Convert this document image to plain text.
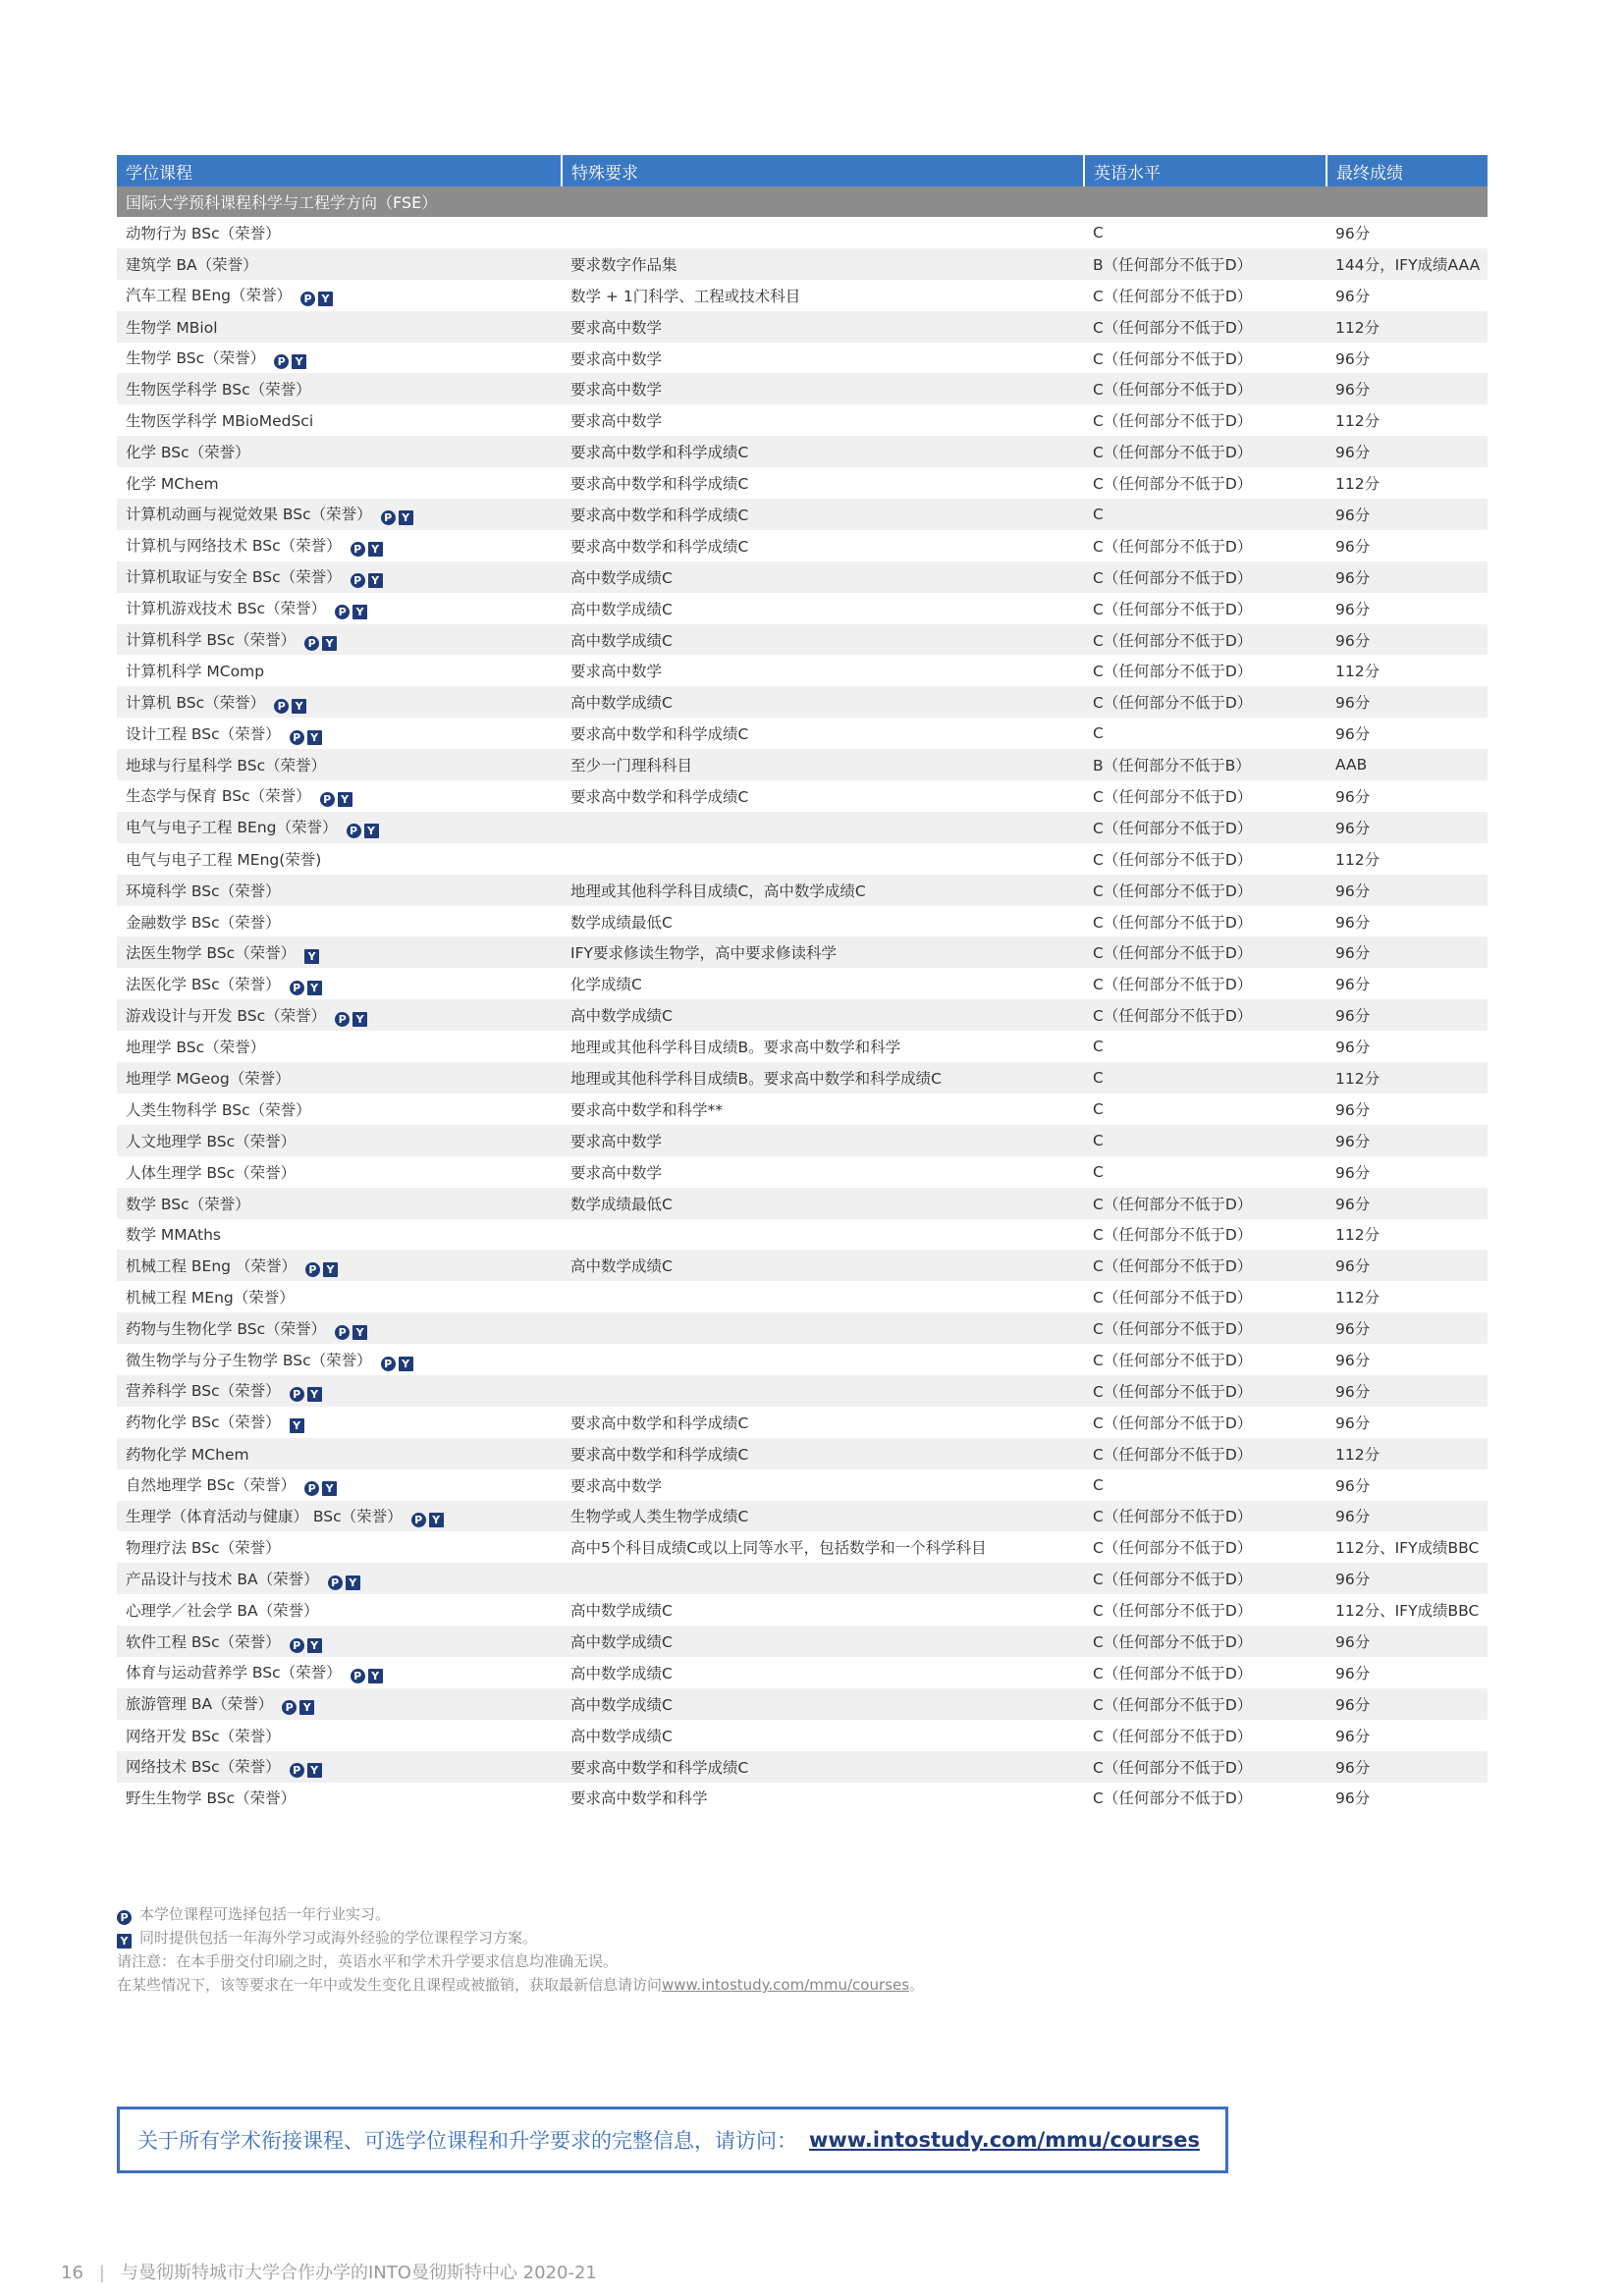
学位课程	特殊要求	英语水平	最终成绩
国际大学预科课程科学与工程学方向（FSE）			
动物行为 BSc（荣誉）		C	96分
建筑学 BA（荣誉）	要求数字作品集	B（任何部分不低于D）	144分，IFY成绩AAA
汽车工程 BEng（荣誉） P Y	数学 + 1门科学、工程或技术科目	C（任何部分不低于D）	96分
生物学 MBiol	要求高中数学	C（任何部分不低于D）	112分
生物学 BSc（荣誉） P Y	要求高中数学	C（任何部分不低于D）	96分
生物医学科学 BSc（荣誉）	要求高中数学	C（任何部分不低于D）	96分
生物医学科学 MBioMedSci	要求高中数学	C（任何部分不低于D）	112分
化学 BSc（荣誉）	要求高中数学和科学成绩C	C（任何部分不低于D）	96分
化学 MChem	要求高中数学和科学成绩C	C（任何部分不低于D）	112分
计算机动画与视觉效果 BSc（荣誉） P Y	要求高中数学和科学成绩C	C	96分
计算机与网络技术 BSc（荣誉） P Y	要求高中数学和科学成绩C	C（任何部分不低于D）	96分
计算机取证与安全 BSc（荣誉） P Y	高中数学成绩C	C（任何部分不低于D）	96分
计算机游戏技术 BSc（荣誉） P Y	高中数学成绩C	C（任何部分不低于D）	96分
计算机科学 BSc（荣誉） P Y	高中数学成绩C	C（任何部分不低于D）	96分
计算机科学 MComp	要求高中数学	C（任何部分不低于D）	112分
计算机 BSc（荣誉） P Y	高中数学成绩C	C（任何部分不低于D）	96分
设计工程 BSc（荣誉） P Y	要求高中数学和科学成绩C	C	96分
地球与行星科学 BSc（荣誉）	至少一门理科科目	B（任何部分不低于B）	AAB
生态学与保育 BSc（荣誉） P Y	要求高中数学和科学成绩C	C（任何部分不低于D）	96分
电气与电子工程 BEng（荣誉） P Y		C（任何部分不低于D）	96分
电气与电子工程 MEng(荣誉)		C（任何部分不低于D）	112分
环境科学 BSc（荣誉）	地理或其他科学科目成绩C，高中数学成绩C	C（任何部分不低于D）	96分
金融数学 BSc（荣誉）	数学成绩最低C	C（任何部分不低于D）	96分
法医生物学 BSc（荣誉） Y	IFY要求修读生物学，高中要求修读科学	C（任何部分不低于D）	96分
法医化学 BSc（荣誉） P Y	化学成绩C	C（任何部分不低于D）	96分
游戏设计与开发 BSc（荣誉） P Y	高中数学成绩C	C（任何部分不低于D）	96分
地理学 BSc（荣誉）	地理或其他科学科目成绩B。要求高中数学和科学	C	96分
地理学 MGeog（荣誉）	地理或其他科学科目成绩B。要求高中数学和科学成绩C	C	112分
人类生物科学 BSc（荣誉）	要求高中数学和科学**	C	96分
人文地理学 BSc（荣誉）	要求高中数学	C	96分
人体生理学 BSc（荣誉）	要求高中数学	C	96分
数学 BSc（荣誉）	数学成绩最低C	C（任何部分不低于D）	96分
数学 MMAths		C（任何部分不低于D）	112分
机械工程 BEng （荣誉） P Y	高中数学成绩C	C（任何部分不低于D）	96分
机械工程 MEng（荣誉）		C（任何部分不低于D）	112分
药物与生物化学 BSc（荣誉） P Y		C（任何部分不低于D）	96分
微生物学与分子生物学 BSc（荣誉） P Y		C（任何部分不低于D）	96分
营养科学 BSc（荣誉） P Y		C（任何部分不低于D）	96分
药物化学 BSc（荣誉） Y	要求高中数学和科学成绩C	C（任何部分不低于D）	96分
药物化学 MChem	要求高中数学和科学成绩C	C（任何部分不低于D）	112分
自然地理学 BSc（荣誉） P Y	要求高中数学	C	96分
生理学（体育活动与健康） BSc（荣誉） P Y	生物学或人类生物学成绩C	C（任何部分不低于D）	96分
物理疗法 BSc（荣誉）	高中5个科目成绩C或以上同等水平，包括数学和一个科学科目	C（任何部分不低于D）	112分、IFY成绩BBC
产品设计与技术 BA（荣誉） P Y		C（任何部分不低于D）	96分
心理学／社会学 BA（荣誉）	高中数学成绩C	C（任何部分不低于D）	112分、IFY成绩BBC
软件工程 BSc（荣誉） P Y	高中数学成绩C	C（任何部分不低于D）	96分
体育与运动营养学 BSc（荣誉） P Y	高中数学成绩C	C（任何部分不低于D）	96分
旅游管理 BA（荣誉） P Y	高中数学成绩C	C（任何部分不低于D）	96分
网络开发 BSc（荣誉）	高中数学成绩C	C（任何部分不低于D）	96分
网络技术 BSc（荣誉） P Y	要求高中数学和科学成绩C	C（任何部分不低于D）	96分
野生生物学 BSc（荣誉）	要求高中数学和科学	C（任何部分不低于D）	96分
P 本学位课程可选择包括一年行业实习。
Y 同时提供包括一年海外学习或海外经验的学位课程学习方案。
请注意：在本手册交付印刷之时，英语水平和学术升学要求信息均准确无误。
在某些情况下，该等要求在一年中或发生变化且课程或被撤销，获取最新信息请访问www.intostudy.com/mmu/courses。
关于所有学术衔接课程、可选学位课程和升学要求的完整信息，请访问： www.intostudy.com/mmu/courses
16 | 与曼彻斯特城市大学合作办学的INTO曼彻斯特中心 2020-21
